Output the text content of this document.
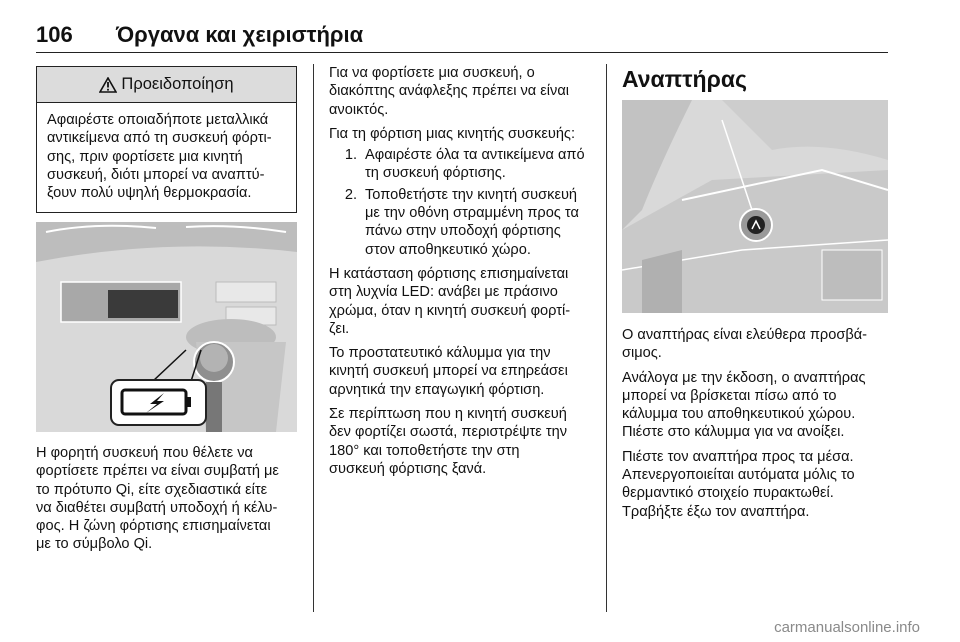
106 Όργανα και χειριστήρια
Προειδοποίηση

Αφαιρέστε οποιαδήποτε μεταλλικά

αντικείμενα από τη συσκευή φόρτι-

σης, πριν φορτίσετε μια κινητή

συσκευή, διότι μπορεί να αναπτύ-

ξουν πολύ υψηλή θερμοκρασία.

Η φορητή συσκευή που θέλετε να

φορτίσετε πρέπει να είναι συμβατή με

το πρότυπο Qi, είτε σχεδιαστικά είτε

να διαθέτει συμβατή υποδοχή ή κέλυ-

φος. Η ζώνη φόρτισης επισημαίνεται

με το σύμβολο Qi.

Για να φορτίσετε μια συσκευή, ο

διακόπτης ανάφλεξης πρέπει να είναι

ανοικτός.

Για τη φόρτιση μιας κινητής συσκευής:

1. Αφαιρέστε όλα τα αντικείμενα από

τη συσκευή φόρτισης.

2. Τοποθετήστε την κινητή συσκευή

με την οθόνη στραμμένη προς τα

πάνω στην υποδοχή φόρτισης

στον αποθηκευτικό χώρο.

Η κατάσταση φόρτισης επισημαίνεται

στη λυχνία LED: ανάβει με πράσινο

χρώμα, όταν η κινητή συσκευή φορτί-

ζει.

Το προστατευτικό κάλυμμα για την

κινητή συσκευή μπορεί να επηρεάσει

αρνητικά την επαγωγική φόρτιση.

Σε περίπτωση που η κινητή συσκευή

δεν φορτίζει σωστά, περιστρέψτε την

180° και τοποθετήστε την στη

συσκευή φόρτισης ξανά.

Αναπτήρας

Ο αναπτήρας είναι ελεύθερα προσβά-

σιμος.

Ανάλογα με την έκδοση, ο αναπτήρας

μπορεί να βρίσκεται πίσω από το

κάλυμμα του αποθηκευτικού χώρου.

Πιέστε στο κάλυμμα για να ανοίξει.

Πιέστε τον αναπτήρα προς τα μέσα.

Απενεργοποιείται αυτόματα μόλις το

θερμαντικό στοιχείο πυρακτωθεί.

Τραβήξτε έξω τον αναπτήρα.

carmanualsonline.info
